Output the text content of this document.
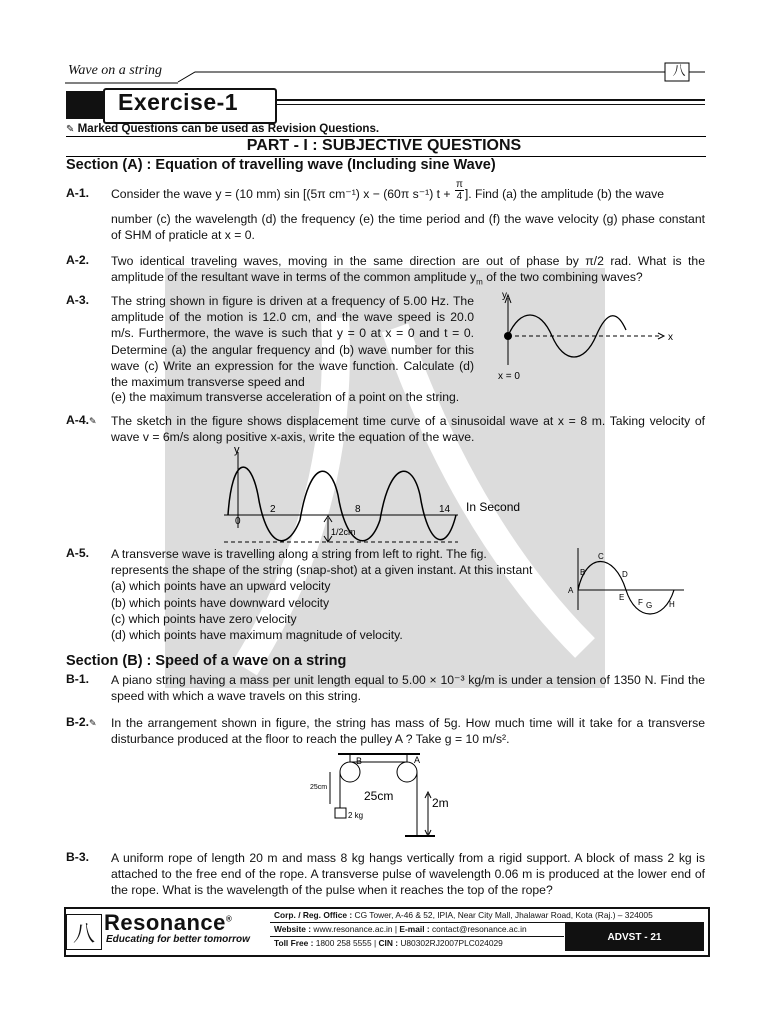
Wave on a string	八
Exercise-1
✎ Marked Questions can be used as Revision Questions.
PART - I : SUBJECTIVE QUESTIONS
Section (A) : Equation of travelling wave (Including sine Wave)
A-1. Consider the wave y = (10 mm) sin [(5π cm⁻¹) x − (60π s⁻¹) $t + \frac{\pi}{4}$ ]. Find (a) the amplitude (b) the wave
number (c) the wavelength (d) the frequency (e) the time period and (f) the wave velocity (g) phase constant of SHM of praticle at x = 0.
A-2. Two identical traveling waves, moving in the same direction are out of phase by π/2 rad. What is the amplitude of the resultant wave in terms of the common amplitude $y_m$ of the two combining waves?
A-3. The string shown in figure is driven at a frequency of 5.00 Hz. The amplitude of the motion is 12.0 cm, and the wave speed is 20.0 m/s. Furthermore, the wave is such that y = 0 at x = 0 and t = 0. Determine (a) the angular frequency and (b) wave number for this wave (c) Write an expression for the wave function. Calculate (d) the maximum transverse speed and
(e) the maximum transverse acceleration of a point on the string.
y
x
x = 0
A-4.✎ The sketch in the figure shows displacement time curve of a sinusoidal wave at x = 8 m. Taking velocity of wave v = 6m/s along positive x-axis, write the equation of the wave.
y
0
2	8	14
1/2cm
In Second
A-5. A transverse wave is travelling along a string from left to right. The fig.
represents the shape of the string (snap-shot) at a given instant. At this instant
(a) which points have an upward velocity
(b) which points have downward velocity
(c) which points have zero velocity
(d) which points have maximum magnitude of velocity.
A
B
C
D
E
F G H
Section (B) : Speed of a wave on a string
B-1. A piano string having a mass per unit length equal to 5.00 × 10⁻³ kg/m is under a tension of 1350 N. Find the speed with which a wave travels on this string.
B-2.✎ In the arrangement shown in figure, the string has mass of 5g. How much time will it take for a transverse disturbance produced at the floor to reach the pulley A ? Take g = 10 m/s².
B	A
25cm
25cm
2 kg
2m
B-3. A uniform rope of length 20 m and mass 8 kg hangs vertically from a rigid support. A block of mass 2 kg is attached to the free end of the rope. A transverse pulse of wavelength 0.06 m is produced at the lower end of the rope. What is the wavelength of the pulse when it reaches the top of the rope?
八 Resonance®
Educating for better tomorrow
Corp. / Reg. Office : CG Tower, A-46 & 52, IPIA, Near City Mall, Jhalawar Road, Kota (Raj.) – 324005
Website : www.resonance.ac.in | E-mail : contact@resonance.ac.in
Toll Free : 1800 258 5555 | CIN : U80302RJ2007PLC024029
ADVST - 21
